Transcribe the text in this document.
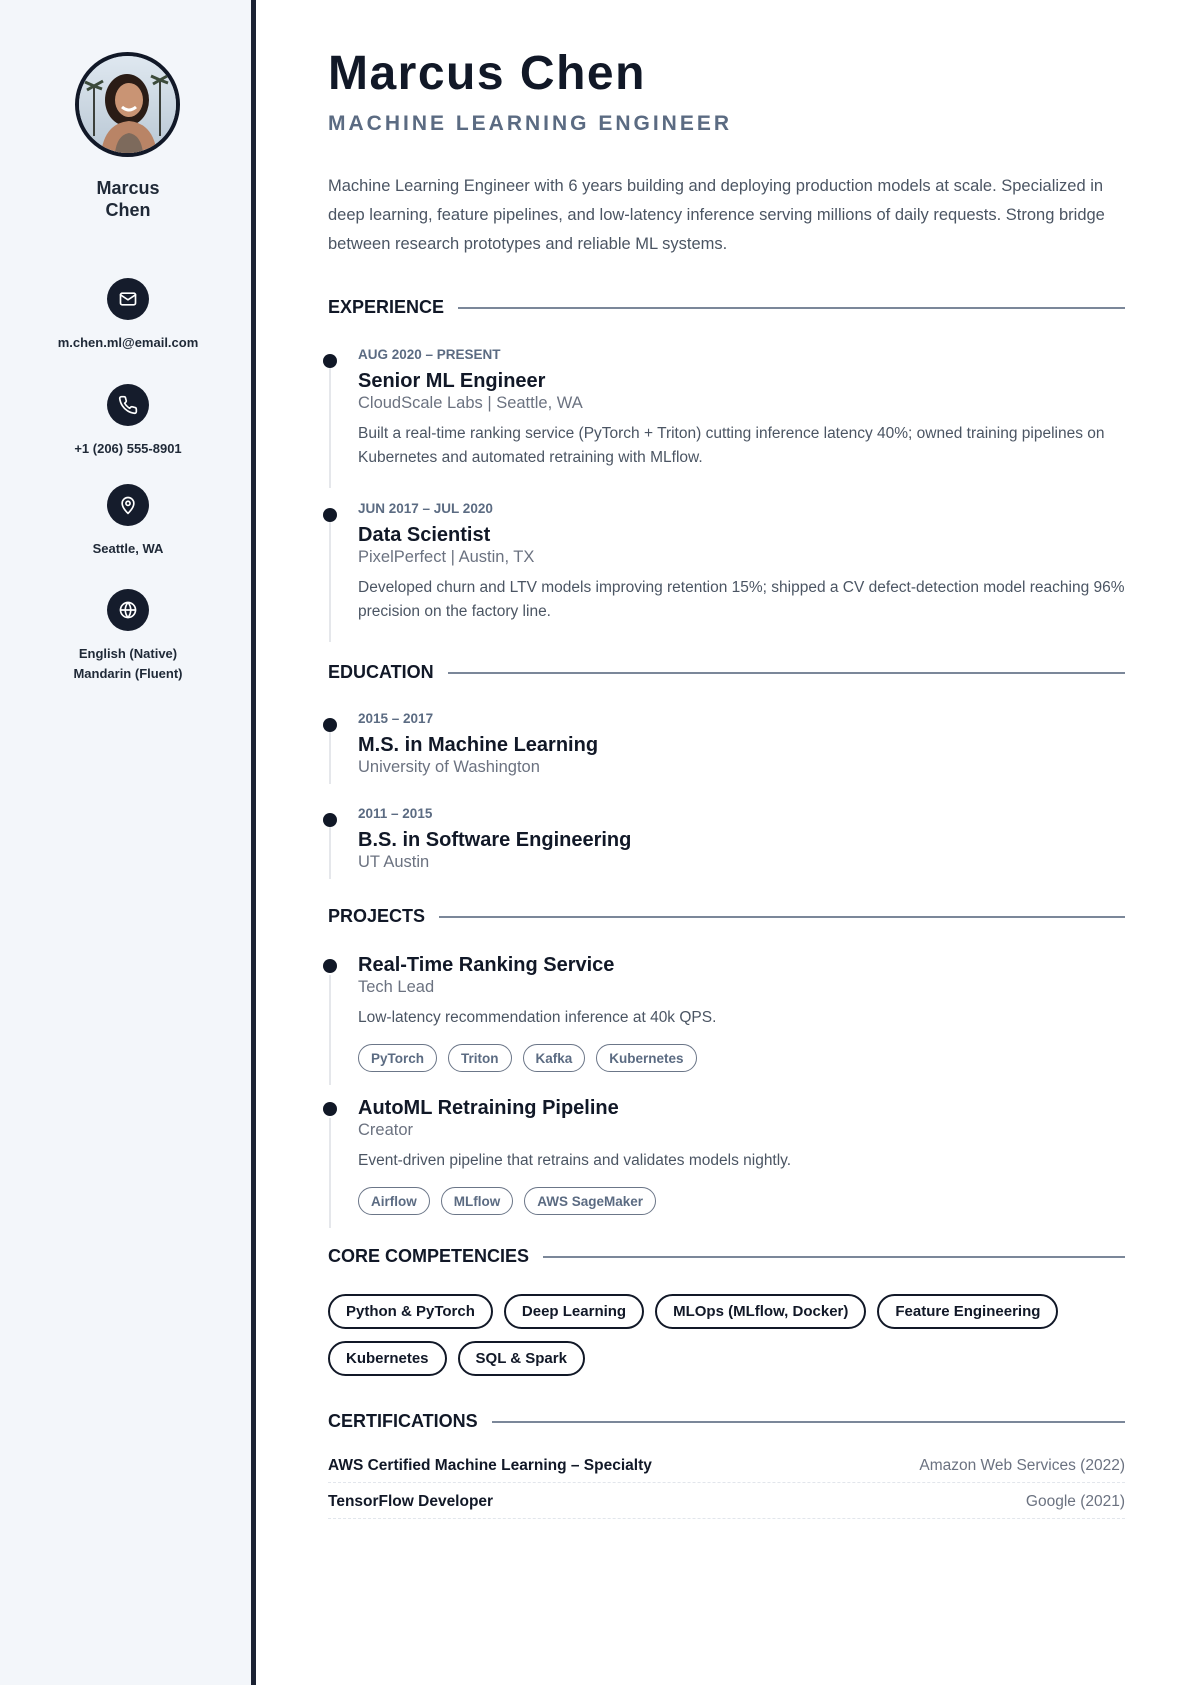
Marcus
Chen
m.chen.ml@email.com
+1 (206) 555-8901
Seattle, WA
English (Native)
Mandarin (Fluent)
Marcus Chen
MACHINE LEARNING ENGINEER

Machine Learning Engineer with 6 years building and deploying production models at scale. Specialized in deep learning, feature pipelines, and low-latency inference serving millions of daily requests. Strong bridge between research prototypes and reliable ML systems.

EXPERIENCE
AUG 2020 – PRESENT
Senior ML Engineer
CloudScale Labs | Seattle, WA
Built a real-time ranking service (PyTorch + Triton) cutting inference latency 40%; owned training pipelines on Kubernetes and automated retraining with MLflow.
JUN 2017 – JUL 2020
Data Scientist
PixelPerfect | Austin, TX
Developed churn and LTV models improving retention 15%; shipped a CV defect-detection model reaching 96% precision on the factory line.
EDUCATION
2015 – 2017
M.S. in Machine Learning
University of Washington
2011 – 2015
B.S. in Software Engineering
UT Austin
PROJECTS
Real-Time Ranking Service
Tech Lead
Low-latency recommendation inference at 40k QPS.
PyTorch	Triton	Kafka	Kubernetes
AutoML Retraining Pipeline
Creator
Event-driven pipeline that retrains and validates models nightly.
Airflow	MLflow	AWS SageMaker
CORE COMPETENCIES
Python & PyTorch	Deep Learning	MLOps (MLflow, Docker)	Feature Engineering
Kubernetes	SQL & Spark
CERTIFICATIONS
AWS Certified Machine Learning – Specialty	Amazon Web Services (2022)
TensorFlow Developer	Google (2021)
